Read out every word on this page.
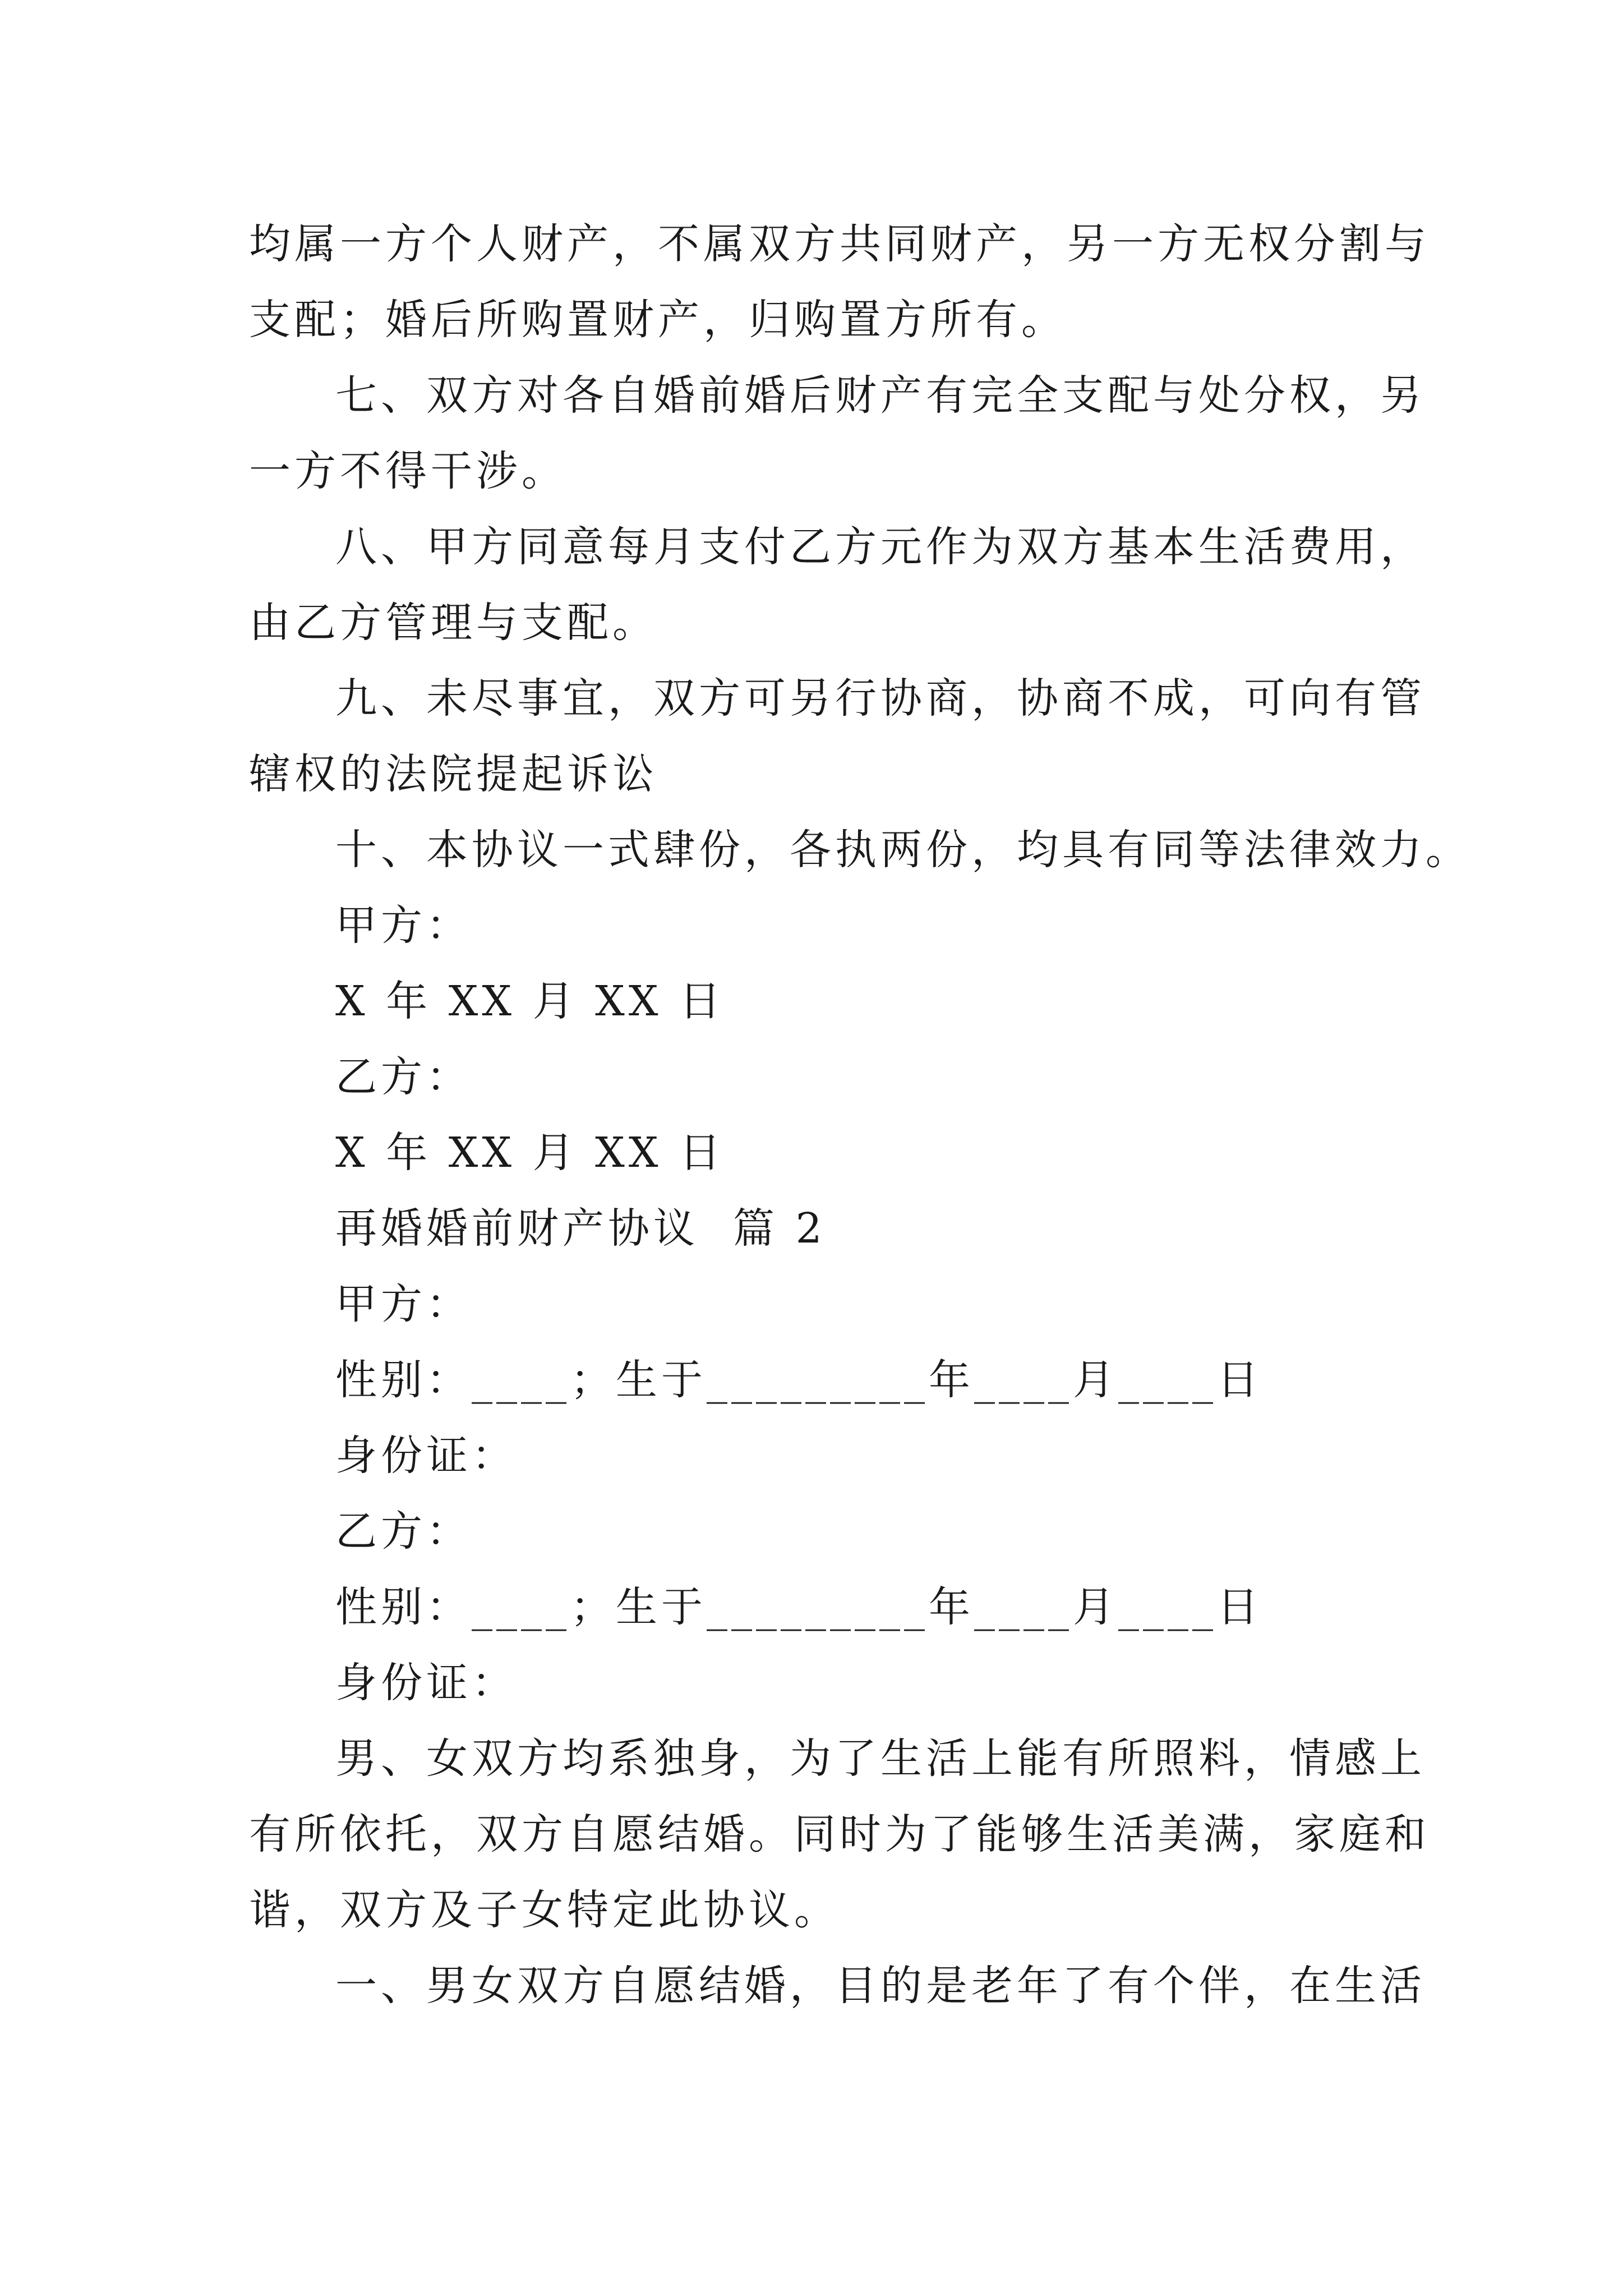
均属一方个人财产，不属双方共同财产，另一方无权分割与
支配；婚后所购置财产，归购置方所有。
七、双方对各自婚前婚后财产有完全支配与处分权，另
一方不得干涉。
八、甲方同意每月支付乙方元作为双方基本生活费用，
由乙方管理与支配。
九、未尽事宜，双方可另行协商，协商不成，可向有管
辖权的法院提起诉讼
十、本协议一式肆份，各执两份，均具有同等法律效力。
甲方：
X 年 XX 月 XX 日
乙方：
X 年 XX 月 XX 日
再婚婚前财产协议  篇 2
甲方：
性别：____；生于_________年____月____日
身份证：
乙方：
性别：____；生于_________年____月____日
身份证：
男、女双方均系独身，为了生活上能有所照料，情感上
有所依托，双方自愿结婚。同时为了能够生活美满，家庭和
谐，双方及子女特定此协议。
一、男女双方自愿结婚，目的是老年了有个伴，在生活
